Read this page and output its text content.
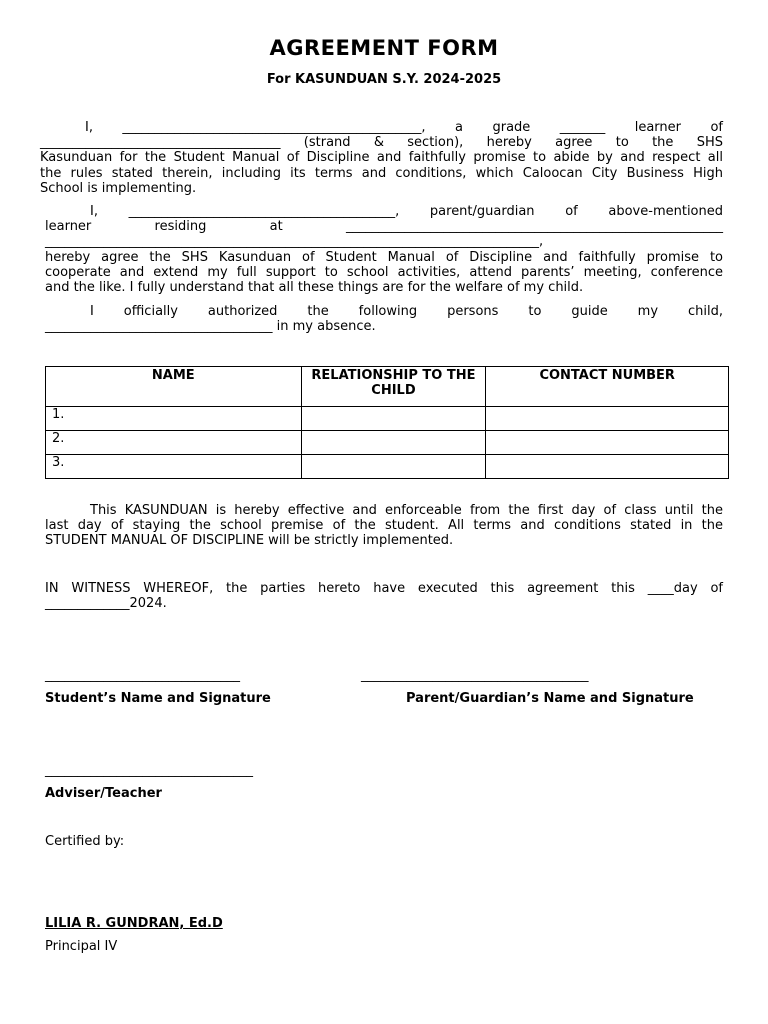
AGREEMENT FORM
For KASUNDUAN S.Y. 2024-2025

I, ______________________________________________, a grade _______ learner of

_____________________________________ (strand & section), hereby agree to the SHS

Kasunduan for the Student Manual of Discipline and faithfully promise to abide by and respect all

the rules stated therein, including its terms and conditions, which Caloocan City Business High

School is implementing.

I, _________________________________________, parent/guardian of above-mentioned

learner residing at __________________________________________________________

____________________________________________________________________________,

hereby agree the SHS Kasunduan of Student Manual of Discipline and faithfully promise to

cooperate and extend my full support to school activities, attend parents’ meeting, conference

and the like. I fully understand that all these things are for the welfare of my child.

I officially authorized the following persons to guide my child,

___________________________________ in my absence.

NAME	RELATIONSHIP TO THE CHILD	CONTACT NUMBER
1.		
2.		
3.		

This KASUNDUAN is hereby effective and enforceable from the first day of class until the

last day of staying the school premise of the student. All terms and conditions stated in the

STUDENT MANUAL OF DISCIPLINE will be strictly implemented.

IN WITNESS WHEREOF, the parties hereto have executed this agreement this ____day of

_____________2024.

______________________________

Student’s Name and Signature

___________________________________

Parent/Guardian’s Name and Signature

________________________________

Adviser/Teacher

Certified by:

LILIA R. GUNDRAN, Ed.D

Principal IV
